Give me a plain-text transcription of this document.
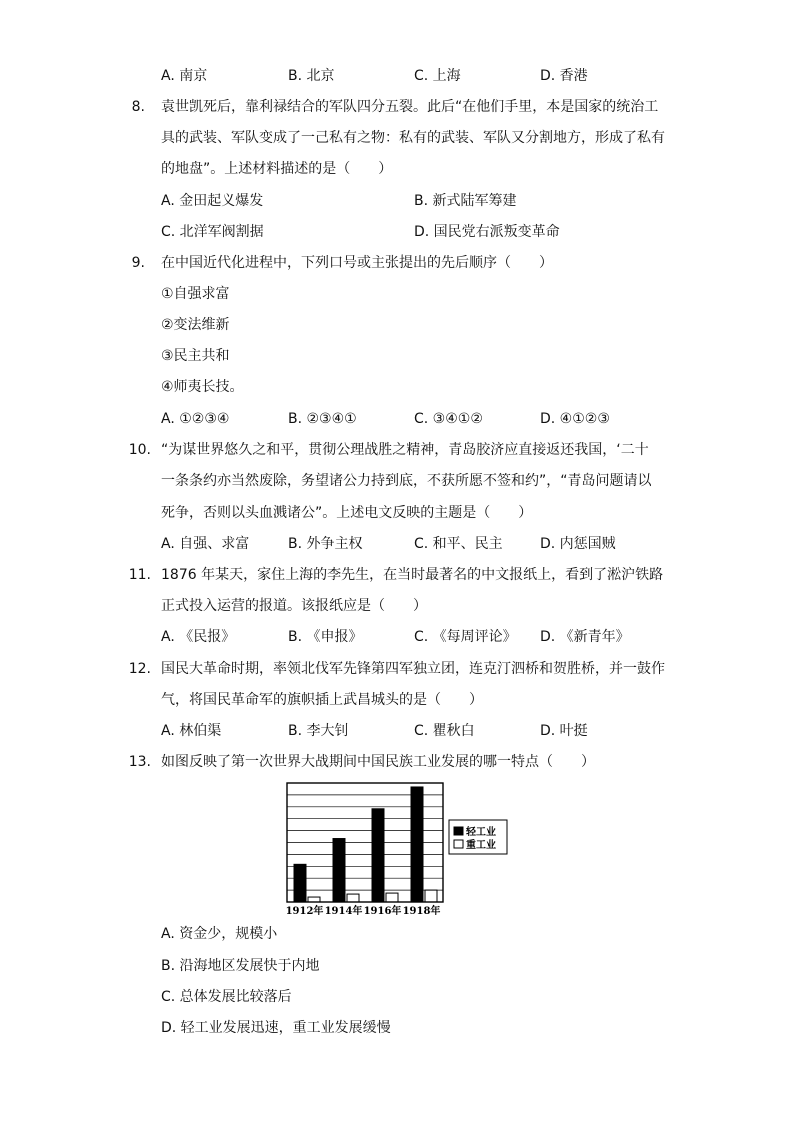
A. 南京	B. 北京	C. 上海	D. 香港
8. 袁世凯死后，靠利禄结合的军队四分五裂。此后“在他们手里，本是国家的统治工
具的武装、军队变成了一己私有之物：私有的武装、军队又分割地方，形成了私有
的地盘”。上述材料描述的是（　　）
A. 金田起义爆发	B. 新式陆军筹建
C. 北洋军阀割据	D. 国民党右派叛变革命
9. 在中国近代化进程中，下列口号或主张提出的先后顺序（　　）
①自强求富
②变法维新
③民主共和
④师夷长技。
A. ①②③④	B. ②③④①	C. ③④①②	D. ④①②③
10. “为谋世界悠久之和平，贯彻公理战胜之精神，青岛胶济应直接返还我国，‘二十
一条条约亦当然废除，务望诸公力持到底，不获所愿不签和约”，“青岛问题请以
死争，否则以头血溅诸公”。上述电文反映的主题是（　　）
A. 自强、求富	B. 外争主权	C. 和平、民主	D. 内惩国贼
11. 1876 年某天，家住上海的李先生，在当时最著名的中文报纸上，看到了淞沪铁路
正式投入运营的报道。该报纸应是（　　）
A. 《民报》	B. 《申报》	C. 《每周评论》 D. 《新青年》
12. 国民大革命时期，率领北伐军先锋第四军独立团，连克汀泗桥和贺胜桥，并一鼓作
气，将国民革命军的旗帜插上武昌城头的是（　　）
A. 林伯渠	B. 李大钊	C. 瞿秋白	D. 叶挺
13. 如图反映了第一次世界大战期间中国民族工业发展的哪一特点（　　）
1912年 1914年 1916年 1918年
轻工业
重工业
A. 资金少，规模小
B. 沿海地区发展快于内地
C. 总体发展比较落后
D. 轻工业发展迅速，重工业发展缓慢
